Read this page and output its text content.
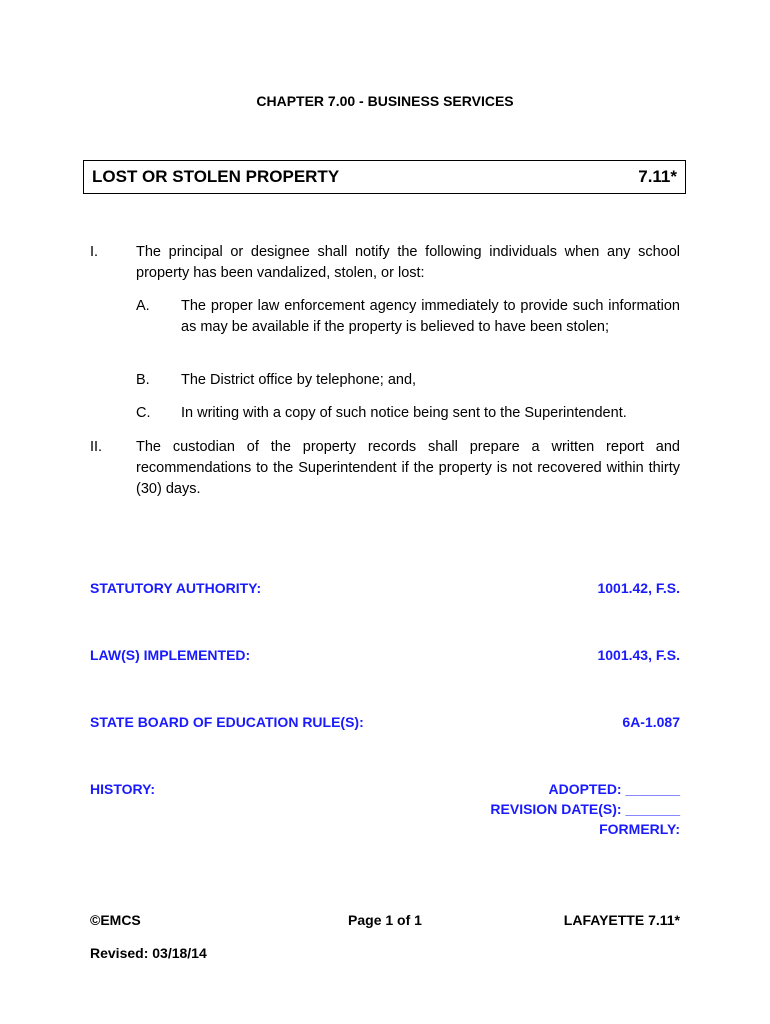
CHAPTER 7.00 - BUSINESS SERVICES
LOST OR STOLEN PROPERTY	7.11*
I.	The principal or designee shall notify the following individuals when any school property has been vandalized, stolen, or lost:
A. The proper law enforcement agency immediately to provide such information as may be available if the property is believed to have been stolen;
B. The District office by telephone; and,
C. In writing with a copy of such notice being sent to the Superintendent.
II. The custodian of the property records shall prepare a written report and recommendations to the Superintendent if the property is not recovered within thirty (30) days.
STATUTORY AUTHORITY:	1001.42, F.S.
LAW(S) IMPLEMENTED:	1001.43, F.S.
STATE BOARD OF EDUCATION RULE(S):	6A-1.087
HISTORY:	ADOPTED: _______
REVISION DATE(S): _______
FORMERLY:
©EMCS	Page 1 of 1	LAFAYETTE 7.11*
Revised: 03/18/14
